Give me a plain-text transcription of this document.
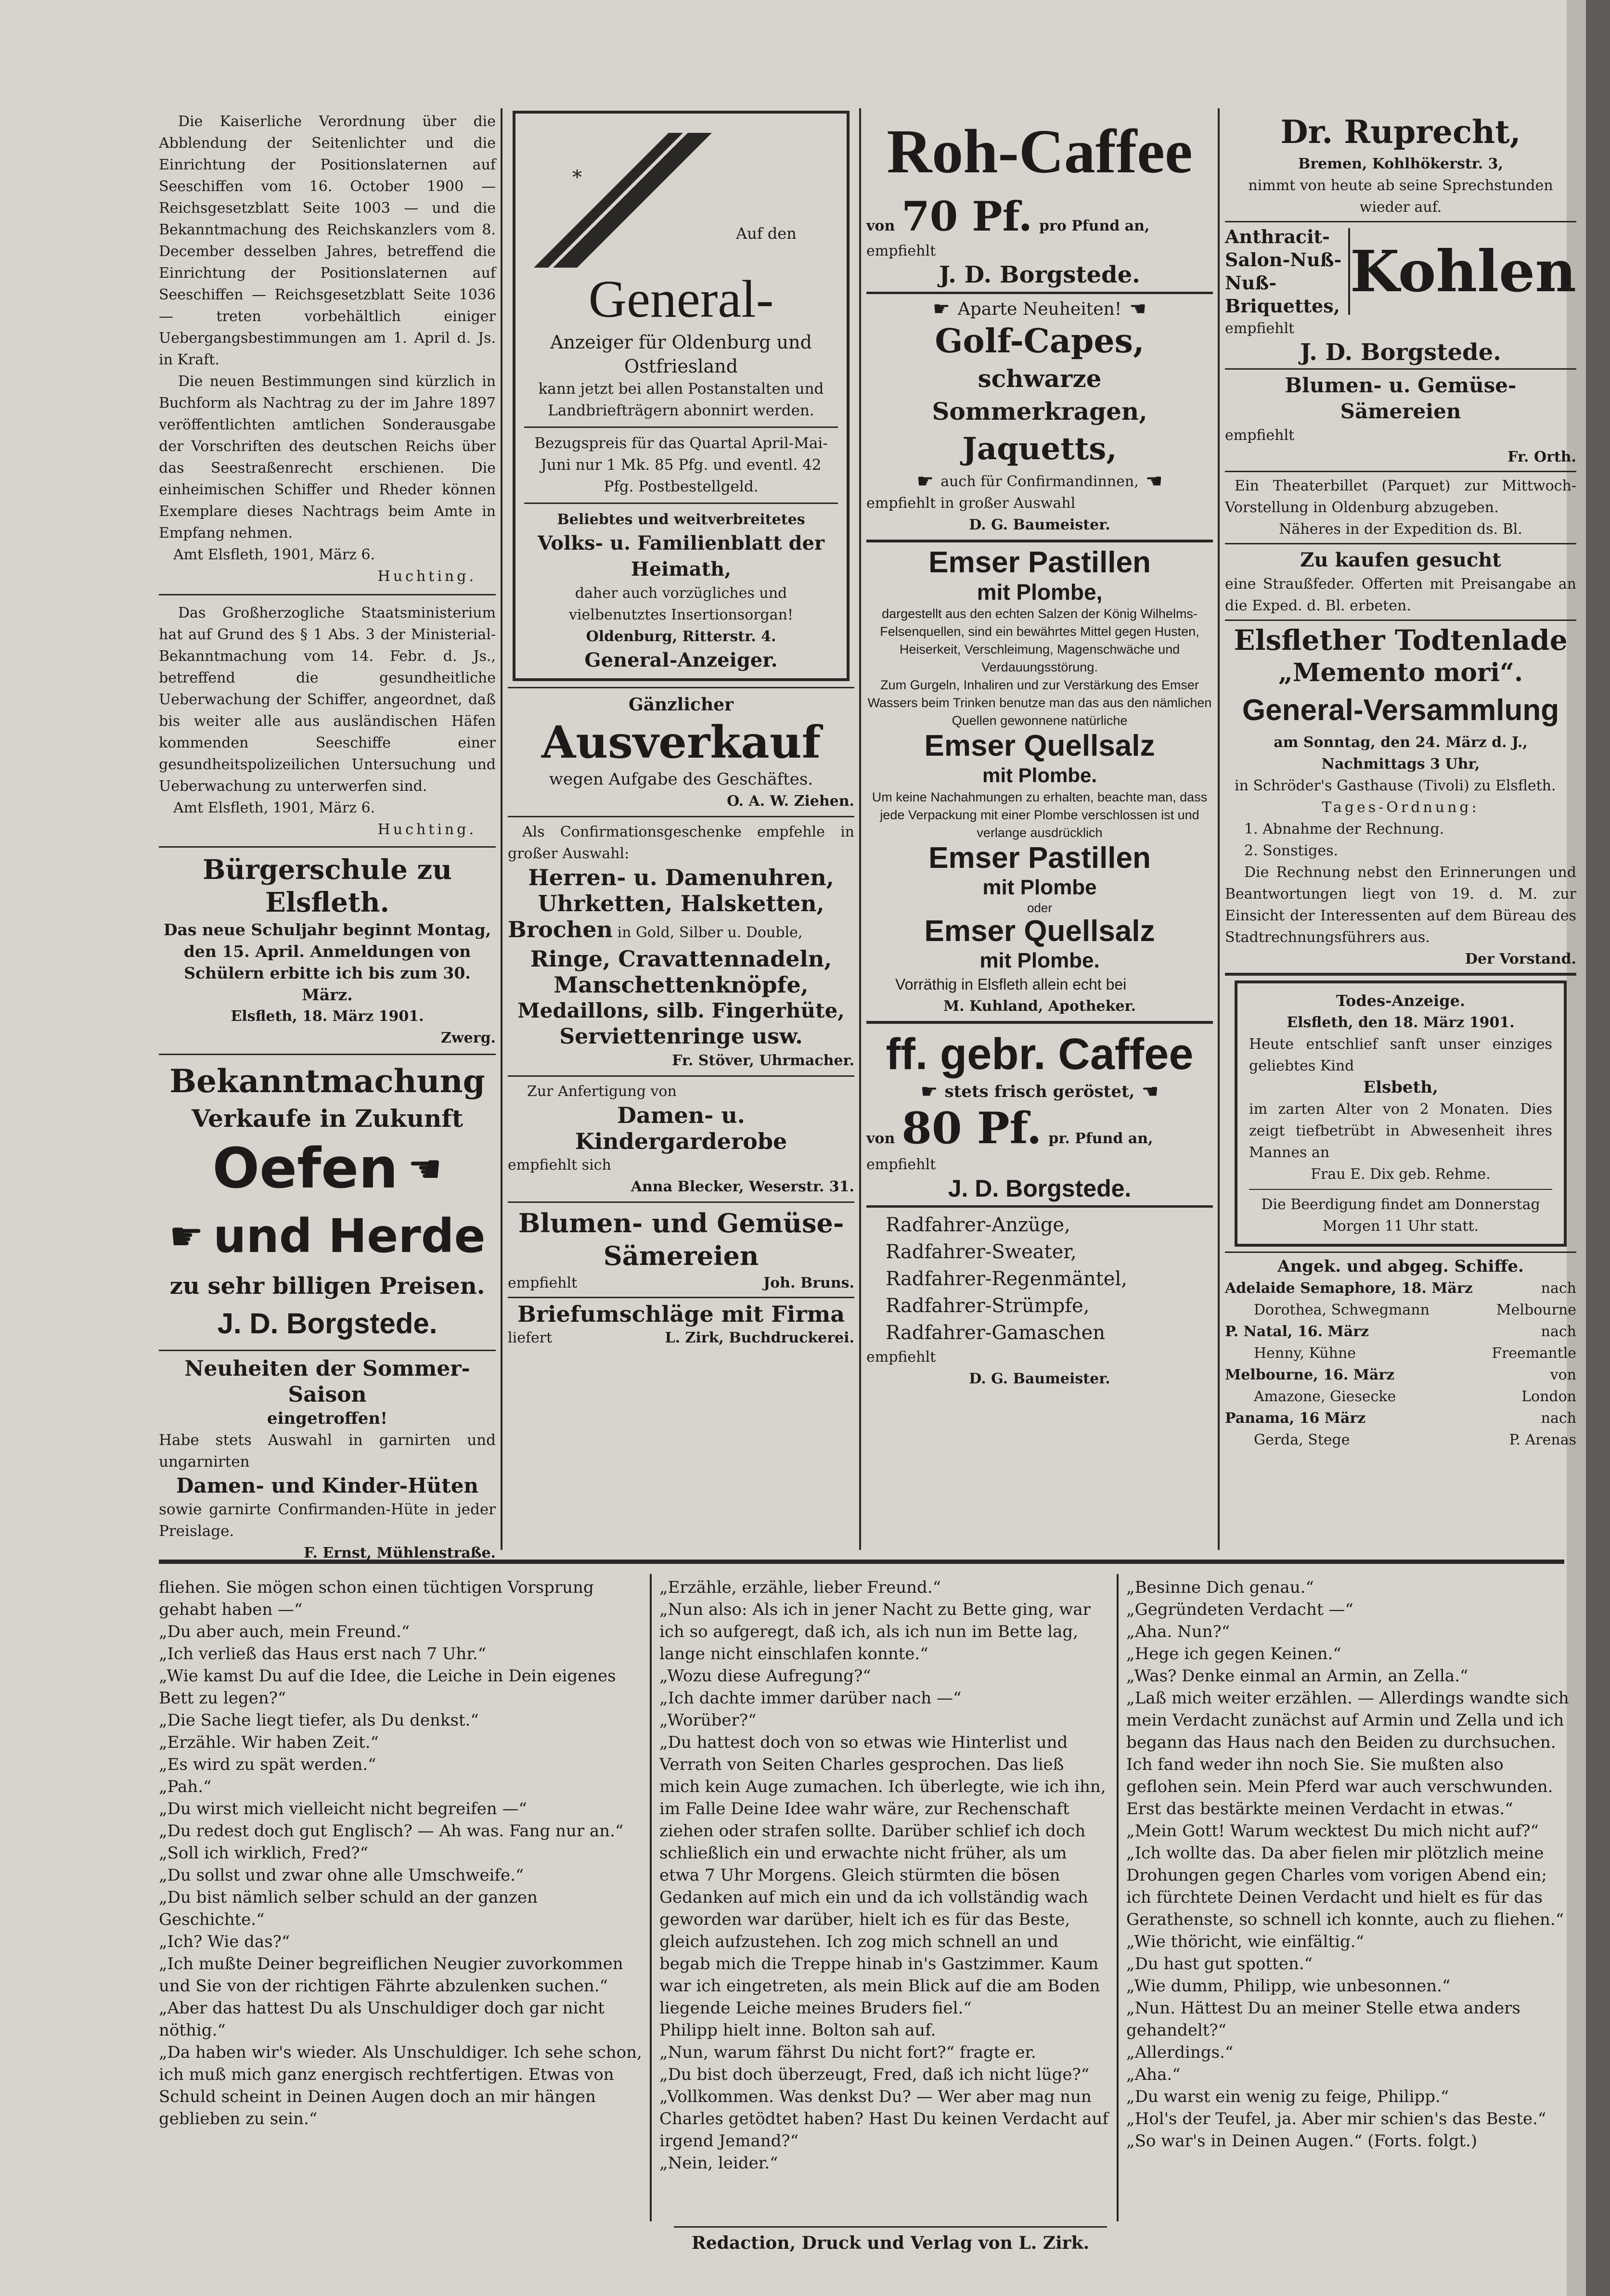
Die Kaiserliche Verordnung über die Abblendung der Seitenlichter und die Einrichtung der Positionslaternen auf Seeschiffen vom 16. October 1900 — Reichsgesetzblatt Seite 1003 — und die Bekanntmachung des Reichskanzlers vom 8. December desselben Jahres, betreffend die Einrichtung der Positionslaternen auf Seeschiffen — Reichsgesetzblatt Seite 1036 — treten vorbehältlich einiger Uebergangsbestimmungen am 1. April d. Js. in Kraft.

Die neuen Bestimmungen sind kürzlich in Buchform als Nachtrag zu der im Jahre 1897 veröffentlichten amtlichen Sonderausgabe der Vorschriften des deutschen Reichs über das Seestraßenrecht erschienen. Die einheimischen Schiffer und Rheder können Exemplare dieses Nachtrags beim Amte in Empfang nehmen.

Amt Elsfleth, 1901, März 6.

Huchting.

Das Großherzogliche Staatsministerium hat auf Grund des § 1 Abs. 3 der Ministerial-Bekanntmachung vom 14. Febr. d. Js., betreffend die gesundheitliche Ueberwachung der Schiffer, angeordnet, daß bis weiter alle aus ausländischen Häfen kommenden Seeschiffe einer gesundheitspolizeilichen Untersuchung und Ueberwachung zu unterwerfen sind.

Amt Elsfleth, 1901, März 6.

Huchting.

Bürgerschule zu Elsfleth.

Das neue Schuljahr beginnt Montag, den 15. April. Anmeldungen von Schülern erbitte ich bis zum 30. März.

Elsfleth, 18. März 1901.

Zwerg.

Bekanntmachung

Verkaufe in Zukunft

Oefen ☚
☛ und Herde

zu sehr billigen Preisen.

J. D. Borgstede.

Neuheiten der Sommer-Saison

eingetroffen!

Habe stets Auswahl in garnirten und ungarnirten

Damen- und Kinder-Hüten

sowie garnirte Confirmanden-Hüte in jeder Preislage.

F. Ernst, Mühlenstraße.

*
Auf den

General-

Anzeiger für Oldenburg und Ostfriesland

kann jetzt bei allen Postanstalten und Landbriefträgern abonnirt werden.

Bezugspreis für das Quartal April-Mai-Juni nur 1 Mk. 85 Pfg. und eventl. 42 Pfg. Postbestellgeld.

Beliebtes und weitverbreitetes

Volks- u. Familienblatt der Heimath,

daher auch vorzügliches und vielbenutztes Insertionsorgan!

Oldenburg, Ritterstr. 4.

General-Anzeiger.

Gänzlicher

Ausverkauf

wegen Aufgabe des Geschäftes.

O. A. W. Ziehen.

Als Confirmationsgeschenke empfehle in großer Auswahl:

Herren- u. Damenuhren,

Uhrketten, Halsketten,

Brochen in Gold, Silber u. Double,

Ringe, Cravattennadeln,

Manschettenknöpfe,

Medaillons, silb. Fingerhüte,

Serviettenringe usw.

Fr. Stöver, Uhrmacher.

Zur Anfertigung von

Damen- u. Kindergarderobe

empfiehlt sich

Anna Blecker, Weserstr. 31.

Blumen- und Gemüse-Sämereien

empfiehlt	Joh. Bruns.

Briefumschläge mit Firma

liefert	L. Zirk, Buchdruckerei.

Roh-Caffee

von 70 Pf. pro Pfund an,

empfiehlt

J. D. Borgstede.

☛ Aparte Neuheiten! ☚

Golf-Capes,

schwarze Sommerkragen,

Jaquetts,

☛ auch für Confirmandinnen, ☚

empfiehlt in großer Auswahl

D. G. Baumeister.

Emser Pastillen

mit Plombe,

dargestellt aus den echten Salzen der König Wilhelms-Felsenquellen, sind ein bewährtes Mittel gegen Husten, Heiserkeit, Verschleimung, Magenschwäche und Verdauungsstörung.

Zum Gurgeln, Inhaliren und zur Verstärkung des Emser Wassers beim Trinken benutze man das aus den nämlichen Quellen gewonnene natürliche

Emser Quellsalz

mit Plombe.

Um keine Nachahmungen zu erhalten, beachte man, dass jede Verpackung mit einer Plombe verschlossen ist und verlange ausdrücklich

Emser Pastillen

mit Plombe

oder

Emser Quellsalz

mit Plombe.

Vorräthig in Elsfleth allein echt bei

M. Kuhland, Apotheker.

ff. gebr. Caffee

☛ stets frisch geröstet, ☚
von 80 Pf. pr. Pfund an,

empfiehlt

J. D. Borgstede.

Radfahrer-Anzüge,

Radfahrer-Sweater,

Radfahrer-Regenmäntel,

Radfahrer-Strümpfe,

Radfahrer-Gamaschen

empfiehlt

D. G. Baumeister.

Dr. Ruprecht,

Bremen, Kohlhökerstr. 3,

nimmt von heute ab seine Sprechstunden wieder auf.

Anthracit-

Salon-Nuß-

Nuß-

Briquettes,

Kohlen

empfiehlt

J. D. Borgstede.

Blumen- u. Gemüse-Sämereien

empfiehlt

Fr. Orth.

Ein Theaterbillet (Parquet) zur Mittwoch-Vorstellung in Oldenburg abzugeben.

Näheres in der Expedition ds. Bl.

Zu kaufen gesucht

eine Straußfeder. Offerten mit Preisangabe an die Exped. d. Bl. erbeten.

Elsflether Todtenlade

„Memento mori“.

General-Versammlung

am Sonntag, den 24. März d. J., Nachmittags 3 Uhr,

in Schröder's Gasthause (Tivoli) zu Elsfleth.

Tages-Ordnung:

1. Abnahme der Rechnung.

2. Sonstiges.

Die Rechnung nebst den Erinnerungen und Beantwortungen liegt von 19. d. M. zur Einsicht der Interessenten auf dem Büreau des Stadtrechnungsführers aus.

Der Vorstand.

Todes-Anzeige.

Elsfleth, den 18. März 1901.

Heute entschlief sanft unser einziges geliebtes Kind

Elsbeth,

im zarten Alter von 2 Monaten. Dies zeigt tiefbetrübt in Abwesenheit ihres Mannes an

Frau E. Dix geb. Rehme.

Die Beerdigung findet am Donnerstag Morgen 11 Uhr statt.

Angek. und abgeg. Schiffe.

Adelaide Semaphore, 18. März	nach
Dorothea, Schwegmann	Melbourne
P. Natal, 16. März	nach
Henny, Kühne	Freemantle
Melbourne, 16. März	von
Amazone, Giesecke	London
Panama, 16 März	nach
Gerda, Stege	P. Arenas

fliehen. Sie mögen schon einen tüchtigen Vorsprung gehabt haben —“

„Du aber auch, mein Freund.“

„Ich verließ das Haus erst nach 7 Uhr.“

„Wie kamst Du auf die Idee, die Leiche in Dein eigenes Bett zu legen?“

„Die Sache liegt tiefer, als Du denkst.“

„Erzähle. Wir haben Zeit.“

„Es wird zu spät werden.“

„Pah.“

„Du wirst mich vielleicht nicht begreifen —“

„Du redest doch gut Englisch? — Ah was. Fang nur an.“

„Soll ich wirklich, Fred?“

„Du sollst und zwar ohne alle Umschweife.“

„Du bist nämlich selber schuld an der ganzen Geschichte.“

„Ich? Wie das?“

„Ich mußte Deiner begreiflichen Neugier zuvorkommen und Sie von der richtigen Fährte abzulenken suchen.“

„Aber das hattest Du als Unschuldiger doch gar nicht nöthig.“

„Da haben wir's wieder. Als Unschuldiger. Ich sehe schon, ich muß mich ganz energisch rechtfertigen. Etwas von Schuld scheint in Deinen Augen doch an mir hängen geblieben zu sein.“

„Erzähle, erzähle, lieber Freund.“

„Nun also: Als ich in jener Nacht zu Bette ging, war ich so aufgeregt, daß ich, als ich nun im Bette lag, lange nicht einschlafen konnte.“

„Wozu diese Aufregung?“

„Ich dachte immer darüber nach —“

„Worüber?“

„Du hattest doch von so etwas wie Hinterlist und Verrath von Seiten Charles gesprochen. Das ließ mich kein Auge zumachen. Ich überlegte, wie ich ihn, im Falle Deine Idee wahr wäre, zur Rechenschaft ziehen oder strafen sollte. Darüber schlief ich doch schließlich ein und erwachte nicht früher, als um etwa 7 Uhr Morgens. Gleich stürmten die bösen Gedanken auf mich ein und da ich vollständig wach geworden war darüber, hielt ich es für das Beste, gleich aufzustehen. Ich zog mich schnell an und begab mich die Treppe hinab in's Gastzimmer. Kaum war ich eingetreten, als mein Blick auf die am Boden liegende Leiche meines Bruders fiel.“

Philipp hielt inne. Bolton sah auf.

„Nun, warum fährst Du nicht fort?“ fragte er.

„Du bist doch überzeugt, Fred, daß ich nicht lüge?“

„Vollkommen. Was denkst Du? — Wer aber mag nun Charles getödtet haben? Hast Du keinen Verdacht auf irgend Jemand?“

„Nein, leider.“

„Besinne Dich genau.“

„Gegründeten Verdacht —“

„Aha. Nun?“

„Hege ich gegen Keinen.“

„Was? Denke einmal an Armin, an Zella.“

„Laß mich weiter erzählen. — Allerdings wandte sich mein Verdacht zunächst auf Armin und Zella und ich begann das Haus nach den Beiden zu durchsuchen. Ich fand weder ihn noch Sie. Sie mußten also geflohen sein. Mein Pferd war auch verschwunden. Erst das bestärkte meinen Verdacht in etwas.“

„Mein Gott! Warum wecktest Du mich nicht auf?“

„Ich wollte das. Da aber fielen mir plötzlich meine Drohungen gegen Charles vom vorigen Abend ein; ich fürchtete Deinen Verdacht und hielt es für das Gerathenste, so schnell ich konnte, auch zu fliehen.“

„Wie thöricht, wie einfältig.“

„Du hast gut spotten.“

„Wie dumm, Philipp, wie unbesonnen.“

„Nun. Hättest Du an meiner Stelle etwa anders gehandelt?“

„Allerdings.“

„Aha.“

„Du warst ein wenig zu feige, Philipp.“

„Hol's der Teufel, ja. Aber mir schien's das Beste.“

„So war's in Deinen Augen.“ (Forts. folgt.)

Redaction, Druck und Verlag von L. Zirk.
